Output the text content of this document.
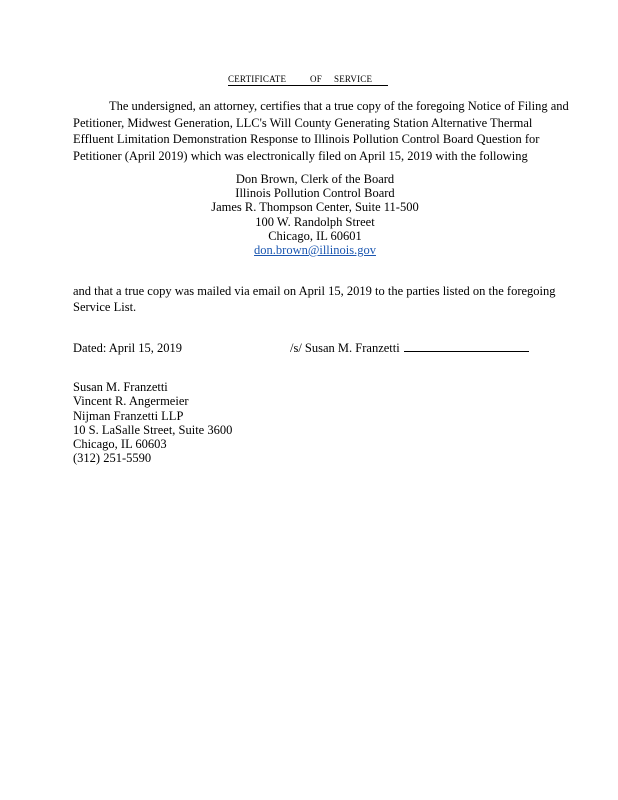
CERTIFICATE	OF SERVICE
The undersigned, an attorney, certifies that a true copy of the foregoing Notice of Filing and Petitioner, Midwest Generation, LLC's Will County Generating Station Alternative Thermal Effluent Limitation Demonstration Response to Illinois Pollution Control Board Question for Petitioner (April 2019) which was electronically filed on April 15, 2019 with the following
Don Brown, Clerk of the Board
Illinois Pollution Control Board
James R. Thompson Center, Suite 11-500
100 W. Randolph Street
Chicago, IL 60601
don.brown@illinois.gov
and that a true copy was mailed via email on April 15, 2019 to the parties listed on the foregoing Service List.
Dated: April 15, 2019	/s/ Susan M. Franzetti
Susan M. Franzetti
Vincent R. Angermeier
Nijman Franzetti LLP
10 S. LaSalle Street, Suite 3600
Chicago, IL 60603
(312) 251-5590
